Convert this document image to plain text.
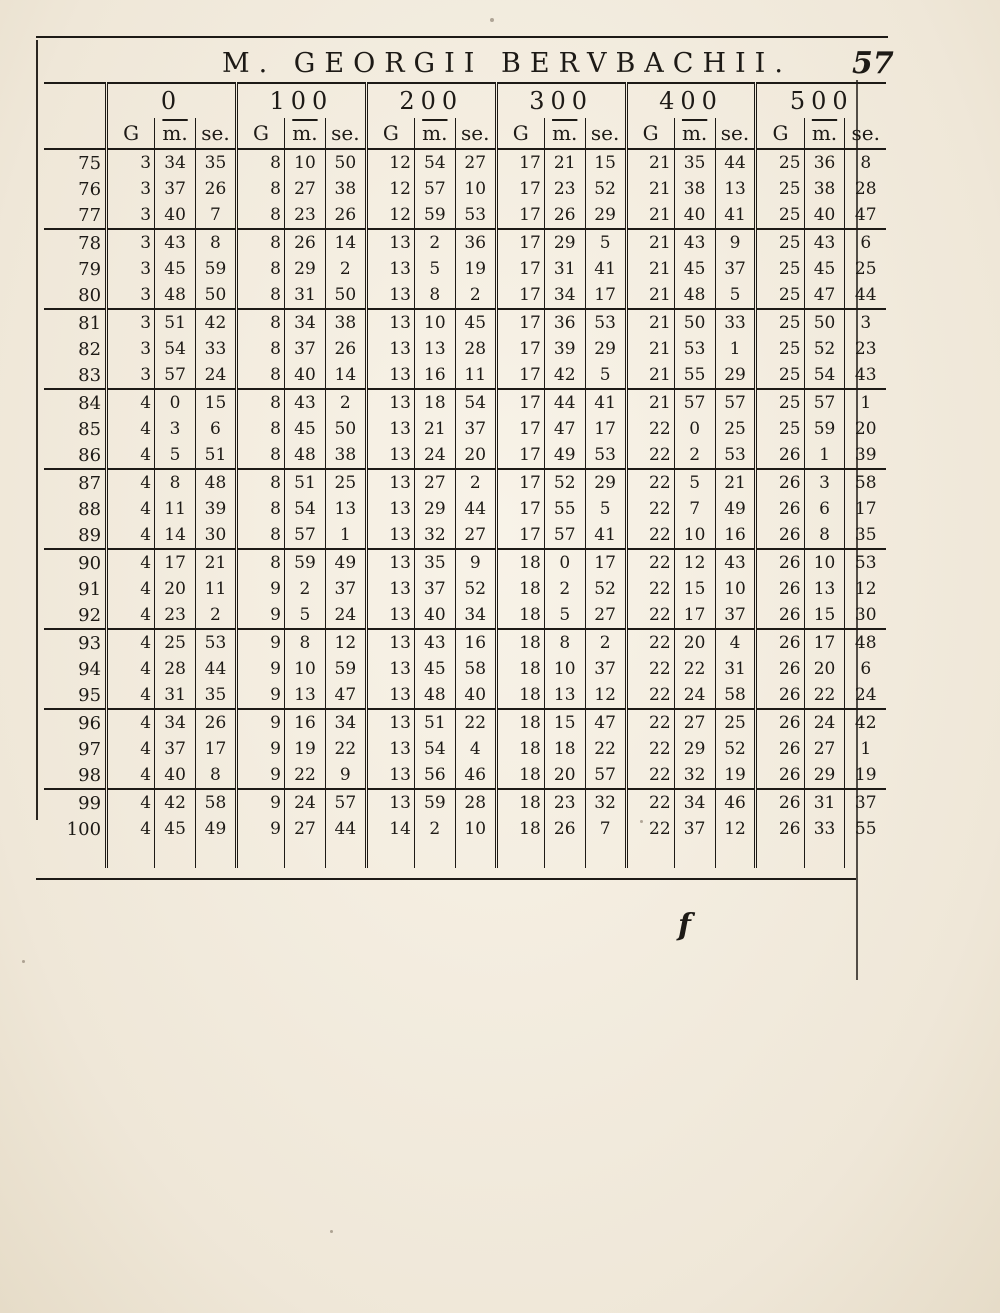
M. GEORGII BERVBACHII. 57
	0			100			200			300			400			500		
	G	m.	se.	G	m.	se.	G	m.	se.	G	m.	se.	G	m.	se.	G	m.	se.
75	3	34	35	8	10	50	12	54	27	17	21	15	21	35	44	25	36	8
76	3	37	26	8	27	38	12	57	10	17	23	52	21	38	13	25	38	28
77	3	40	7	8	23	26	12	59	53	17	26	29	21	40	41	25	40	47
78	3	43	8	8	26	14	13	2	36	17	29	5	21	43	9	25	43	6
79	3	45	59	8	29	2	13	5	19	17	31	41	21	45	37	25	45	25
80	3	48	50	8	31	50	13	8	2	17	34	17	21	48	5	25	47	44
81	3	51	42	8	34	38	13	10	45	17	36	53	21	50	33	25	50	3
82	3	54	33	8	37	26	13	13	28	17	39	29	21	53	1	25	52	23
83	3	57	24	8	40	14	13	16	11	17	42	5	21	55	29	25	54	43
84	4	0	15	8	43	2	13	18	54	17	44	41	21	57	57	25	57	1
85	4	3	6	8	45	50	13	21	37	17	47	17	22	0	25	25	59	20
86	4	5	51	8	48	38	13	24	20	17	49	53	22	2	53	26	1	39
87	4	8	48	8	51	25	13	27	2	17	52	29	22	5	21	26	3	58
88	4	11	39	8	54	13	13	29	44	17	55	5	22	7	49	26	6	17
89	4	14	30	8	57	1	13	32	27	17	57	41	22	10	16	26	8	35
90	4	17	21	8	59	49	13	35	9	18	0	17	22	12	43	26	10	53
91	4	20	11	9	2	37	13	37	52	18	2	52	22	15	10	26	13	12
92	4	23	2	9	5	24	13	40	34	18	5	27	22	17	37	26	15	30
93	4	25	53	9	8	12	13	43	16	18	8	2	22	20	4	26	17	48
94	4	28	44	9	10	59	13	45	58	18	10	37	22	22	31	26	20	6
95	4	31	35	9	13	47	13	48	40	18	13	12	22	24	58	26	22	24
96	4	34	26	9	16	34	13	51	22	18	15	47	22	27	25	26	24	42
97	4	37	17	9	19	22	13	54	4	18	18	22	22	29	52	26	27	1
98	4	40	8	9	22	9	13	56	46	18	20	57	22	32	19	26	29	19
99	4	42	58	9	24	57	13	59	28	18	23	32	22	34	46	26	31	37
100	4	45	49	9	27	44	14	2	10	18	26	7	22	37	12	26	33	55

f
